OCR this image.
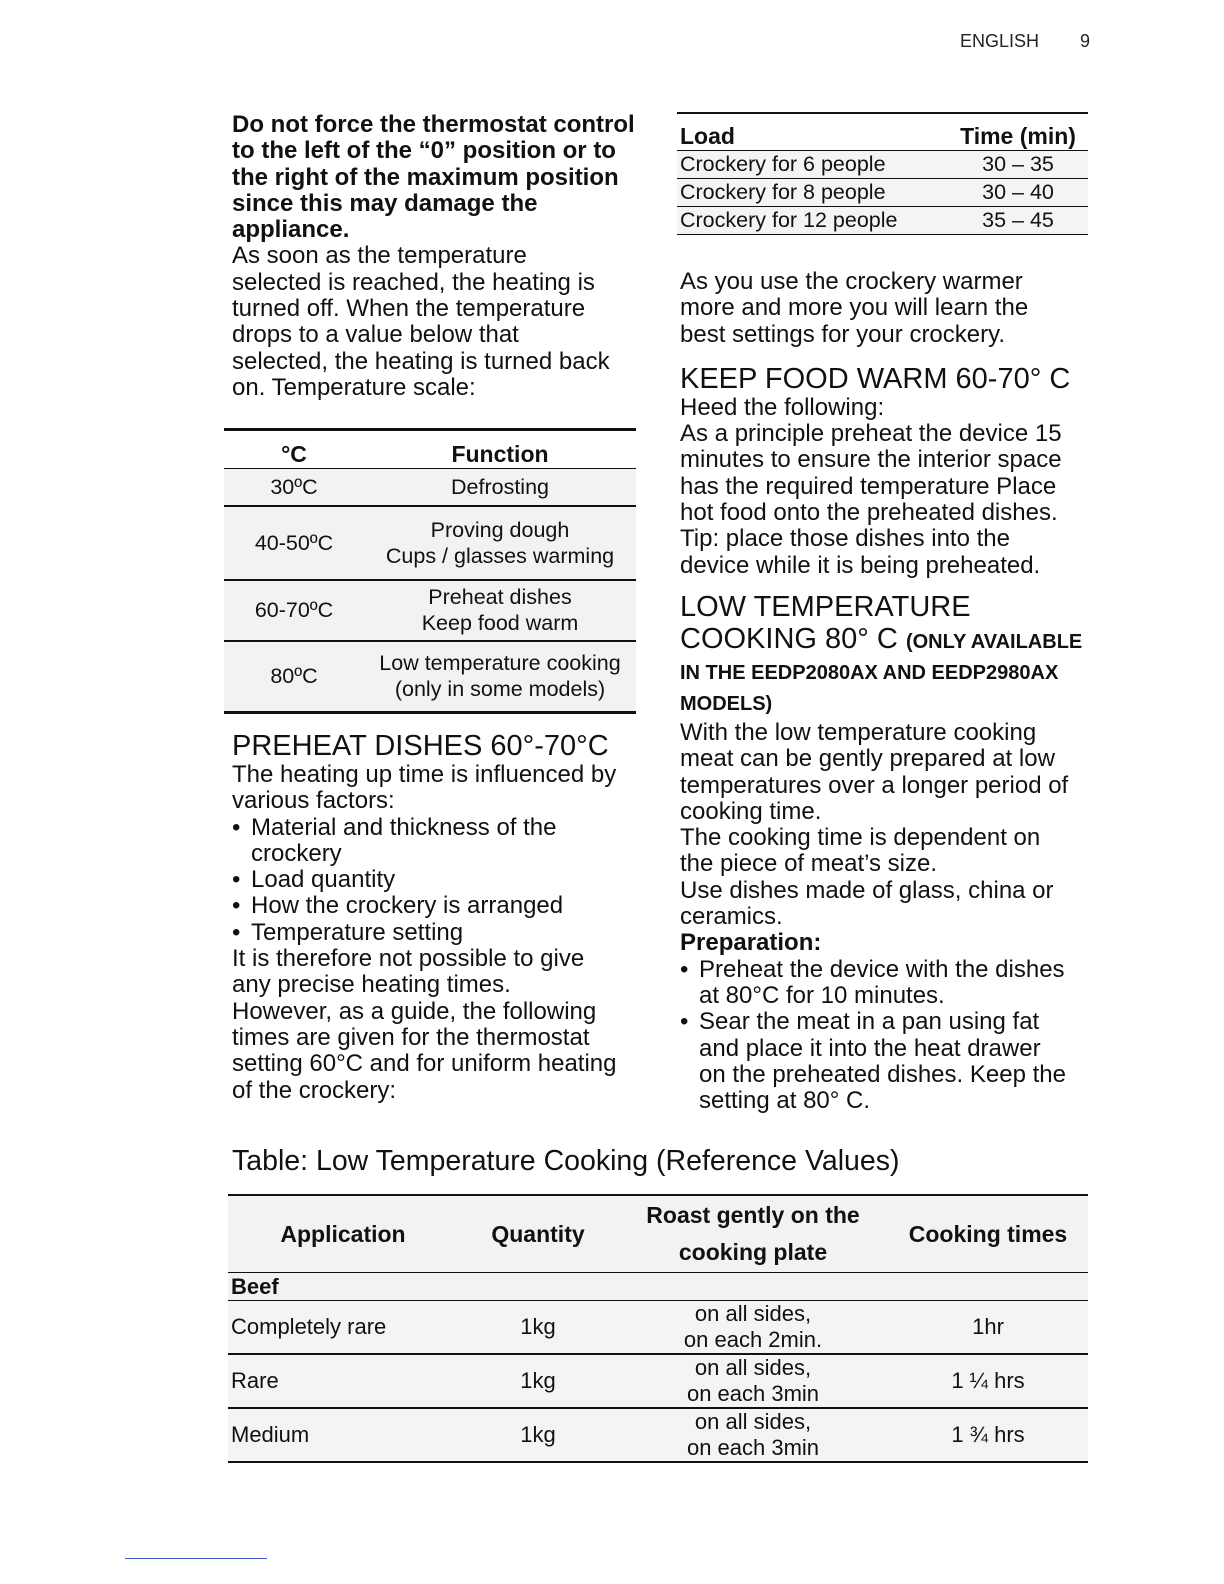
ENGLISH 9

Do not force the thermostat control to the left of the “0” position or to the right of the maximum position since this may damage the appliance.

As soon as the temperature
selected is reached, the heating is
turned off. When the temperature
drops to a value below that
selected, the heating is turned back
on. Temperature scale:

°C	Function
30ºC	Defrosting
40-50ºC	Proving dough
Cups / glasses warming
60-70ºC	Preheat dishes
Keep food warm
80ºC	Low temperature cooking
(only in some models)
PREHEAT DISHES 60°-70°C

The heating up time is influenced by
various factors:

• Material and thickness of the
crockery
• Load quantity
• How the crockery is arranged
• Temperature setting

It is therefore not possible to give
any precise heating times.
However, as a guide, the following
times are given for the thermostat
setting 60°C and for uniform heating
of the crockery:

Load	Time (min)
Crockery for 6 people	30 – 35
Crockery for 8 people	30 – 40
Crockery for 12 people	35 – 45

As you use the crockery warmer
more and more you will learn the
best settings for your crockery.

KEEP FOOD WARM 60-70° C

Heed the following:
As a principle preheat the device 15
minutes to ensure the interior space
has the required temperature Place
hot food onto the preheated dishes.
Tip: place those dishes into the
device while it is being preheated.

LOW TEMPERATURE
COOKING 80° C (ONLY AVAILABLE
IN THE EEDP2080AX AND EEDP2980AX
MODELS)

With the low temperature cooking
meat can be gently prepared at low
temperatures over a longer period of
cooking time.
The cooking time is dependent on
the piece of meat’s size.
Use dishes made of glass, china or
ceramics.

Preparation:

• Preheat the device with the dishes
at 80°C for 10 minutes.
• Sear the meat in a pan using fat
and place it into the heat drawer
on the preheated dishes. Keep the
setting at 80° C.
Table: Low Temperature Cooking (Reference Values)
Application	Quantity	Roast gently on the
cooking plate	Cooking times
Beef			
Completely rare	1kg	on all sides,
on each 2min.	1hr
Rare	1kg	on all sides,
on each 3min	1 ¼ hrs
Medium	1kg	on all sides,
on each 3min	1 ¾ hrs
